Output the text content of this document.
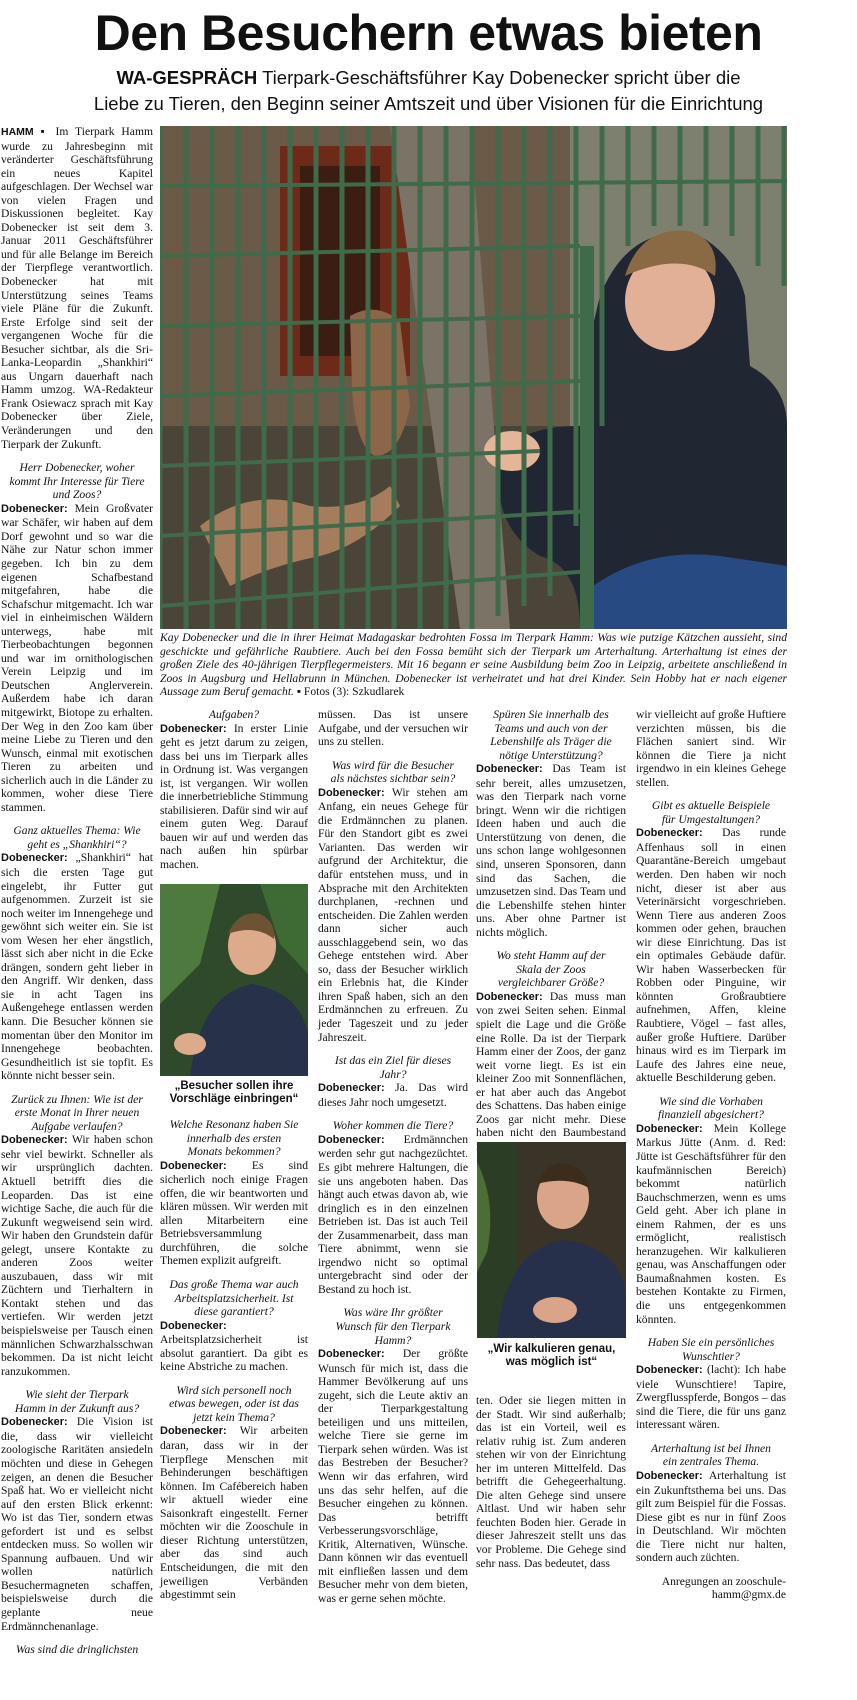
Den Besuchern etwas bieten
WA-GESPRÄCH Tierpark-Geschäftsführer Kay Dobenecker spricht über die
Liebe zu Tieren, den Beginn seiner Amtszeit und über Visionen für die Einrichtung
Kay Dobenecker und die in ihrer Heimat Madagaskar bedrohten Fossa im Tierpark Hamm: Was wie putzige Kätzchen aussieht, sind geschickte und gefährliche Raubtiere. Auch bei den Fossa bemüht sich der Tierpark um Arterhaltung. Arterhaltung ist eines der großen Ziele des 40-jährigen Tierpflegermeisters. Mit 16 begann er seine Ausbildung beim Zoo in Leipzig, arbeitete anschließend in Zoos in Augsburg und Hellabrunn in München. Dobenecker ist verheiratet und hat drei Kinder. Sein Hobby hat er nach eigener Aussage zum Beruf gemacht. ▪ Fotos (3): Szkudlarek

HAMM ▪ Im Tierpark Hamm wurde zu Jahresbeginn mit veränderter Geschäftsführung ein neues Kapitel aufgeschlagen. Der Wechsel war von vielen Fragen und Diskussionen begleitet. Kay Dobenecker ist seit dem 3. Januar 2011 Geschäftsführer und für alle Belange im Bereich der Tierpflege verantwortlich. Dobenecker hat mit Unterstützung seines Teams viele Pläne für die Zukunft. Erste Erfolge sind seit der vergangenen Woche für die Besucher sichtbar, als die Sri-Lanka-Leopardin „Shankhiri“ aus Ungarn dauerhaft nach Hamm umzog. WA-Redakteur Frank Osiewacz sprach mit Kay Dobenecker über Ziele, Veränderungen und den Tierpark der Zukunft.

Herr Dobenecker, woher kommt Ihr Interesse für Tiere und Zoos?

Dobenecker: Mein Großvater war Schäfer, wir haben auf dem Dorf gewohnt und so war die Nähe zur Natur schon immer gegeben. Ich bin zu dem eigenen Schafbestand mitgefahren, habe die Schafschur mitgemacht. Ich war viel in einheimischen Wäldern unterwegs, habe mit Tierbeobachtungen begonnen und war im ornithologischen Verein Leipzig und im Deutschen Anglerverein. Außerdem habe ich daran mitgewirkt, Biotope zu erhalten. Der Weg in den Zoo kam über meine Liebe zu Tieren und den Wunsch, einmal mit exotischen Tieren zu arbeiten und sicherlich auch in die Länder zu kommen, woher diese Tiere stammen.

Ganz aktuelles Thema: Wie geht es „Shankhiri“?

Dobenecker: „Shankhiri“ hat sich die ersten Tage gut eingelebt, ihr Futter gut aufgenommen. Zurzeit ist sie noch weiter im Innengehege und gewöhnt sich weiter ein. Sie ist vom Wesen her eher ängstlich, lässt sich aber nicht in die Ecke drängen, sondern geht lieber in den Angriff. Wir denken, dass sie in acht Tagen ins Außengehege entlassen werden kann. Die Besucher können sie momentan über den Monitor im Innengehege beobachten. Gesundheitlich ist sie topfit. Es könnte nicht besser sein.

Zurück zu Ihnen: Wie ist der erste Monat in Ihrer neuen Aufgabe verlaufen?

Dobenecker: Wir haben schon sehr viel bewirkt. Schneller als wir ursprünglich dachten. Aktuell betrifft dies die Leoparden. Das ist eine wichtige Sache, die auch für die Zukunft wegweisend sein wird. Wir haben den Grundstein dafür gelegt, unsere Kontakte zu anderen Zoos weiter auszubauen, dass wir mit Züchtern und Tierhaltern in Kontakt stehen und das vertiefen. Wir werden jetzt beispielsweise per Tausch einen männlichen Schwarzhalsschwan bekommen. Da ist nicht leicht ranzukommen.

Wie sieht der Tierpark Hamm in der Zukunft aus?

Dobenecker: Die Vision ist die, dass wir vielleicht zoologische Raritäten ansiedeln möchten und diese in Gehegen zeigen, an denen die Besucher Spaß hat. Wo er vielleicht nicht auf den ersten Blick erkennt: Wo ist das Tier, sondern etwas gefordert ist und es selbst entdecken muss. So wollen wir Spannung aufbauen. Und wir wollen natürlich Besuchermagneten schaffen, beispielsweise durch die geplante neue Erdmännchenanlage.

Was sind die dringlichsten

Aufgaben?

Dobenecker: In erster Linie geht es jetzt darum zu zeigen, dass bei uns im Tierpark alles in Ordnung ist. Was vergangen ist, ist vergangen. Wir wollen die innerbetriebliche Stimmung stabilisieren. Dafür sind wir auf einem guten Weg. Darauf bauen wir auf und werden das nach außen hin spürbar machen.

„Besucher sollen ihre Vorschläge einbringen“

Welche Resonanz haben Sie innerhalb des ersten Monats bekommen?

Dobenecker: Es sind sicherlich noch einige Fragen offen, die wir beantworten und klären müssen. Wir werden mit allen Mitarbeitern eine Betriebsversammlung durchführen, die solche Themen explizit aufgreift.

Das große Thema war auch Arbeitsplatzsicherheit. Ist diese garantiert?

Dobenecker: Arbeitsplatzsicherheit ist absolut garantiert. Da gibt es keine Abstriche zu machen.

Wird sich personell noch etwas bewegen, oder ist das jetzt kein Thema?

Dobenecker: Wir arbeiten daran, dass wir in der Tierpflege Menschen mit Behinderungen beschäftigen können. Im Cafébereich haben wir aktuell wieder eine Saisonkraft eingestellt. Ferner möchten wir die Zooschule in dieser Richtung unterstützen, aber das sind auch Entscheidungen, die mit den jeweiligen Verbänden abgestimmt sein

müssen. Das ist unsere Aufgabe, und der versuchen wir uns zu stellen.

Was wird für die Besucher als nächstes sichtbar sein?

Dobenecker: Wir stehen am Anfang, ein neues Gehege für die Erdmännchen zu planen. Für den Standort gibt es zwei Varianten. Das werden wir aufgrund der Architektur, die dafür entstehen muss, und in Absprache mit den Architekten durchplanen, -rechnen und entscheiden. Die Zahlen werden dann sicher auch ausschlaggebend sein, wo das Gehege entstehen wird. Aber so, dass der Besucher wirklich ein Erlebnis hat, die Kinder ihren Spaß haben, sich an den Erdmännchen zu erfreuen. Zu jeder Tageszeit und zu jeder Jahreszeit.

Ist das ein Ziel für dieses Jahr?

Dobenecker: Ja. Das wird dieses Jahr noch umgesetzt.

Woher kommen die Tiere?

Dobenecker: Erdmännchen werden sehr gut nachgezüchtet. Es gibt mehrere Haltungen, die sie uns angeboten haben. Das hängt auch etwas davon ab, wie dringlich es in den einzelnen Betrieben ist. Das ist auch Teil der Zusammenarbeit, dass man Tiere abnimmt, wenn sie irgendwo nicht so optimal untergebracht sind oder der Bestand zu hoch ist.

Was wäre Ihr größter Wunsch für den Tierpark Hamm?

Dobenecker: Der größte Wunsch für mich ist, dass die Hammer Bevölkerung auf uns zugeht, sich die Leute aktiv an der Tierparkgestaltung beteiligen und uns mitteilen, welche Tiere sie gerne im Tierpark sehen würden. Was ist das Bestreben der Besucher? Wenn wir das erfahren, wird uns das sehr helfen, auf die Besucher eingehen zu können. Das betrifft Verbesserungsvorschläge, Kritik, Alternativen, Wünsche. Dann können wir das eventuell mit einfließen lassen und dem Besucher mehr von dem bieten, was er gerne sehen möchte.

Spüren Sie innerhalb des Teams und auch von der Lebenshilfe als Träger die nötige Unterstützung?

Dobenecker: Das Team ist sehr bereit, alles umzusetzen, was den Tierpark nach vorne bringt. Wenn wir die richtigen Ideen haben und auch die Unterstützung von denen, die uns schon lange wohlgesonnen sind, unseren Sponsoren, dann sind das Sachen, die umzusetzen sind. Das Team und die Lebenshilfe stehen hinter uns. Aber ohne Partner ist nichts möglich.

Wo steht Hamm auf der Skala der Zoos vergleichbarer Größe?

Dobenecker: Das muss man von zwei Seiten sehen. Einmal spielt die Lage und die Größe eine Rolle. Da ist der Tierpark Hamm einer der Zoos, der ganz weit vorne liegt. Es ist ein kleiner Zoo mit Sonnenflächen, er hat aber auch das Angebot des Schattens. Das haben einige Zoos gar nicht mehr. Diese haben nicht den Baumbestand

„Wir kalkulieren genau, was möglich ist“

ten. Oder sie liegen mitten in der Stadt. Wir sind außerhalb; das ist ein Vorteil, weil es relativ ruhig ist. Zum anderen stehen wir von der Einrichtung her im unteren Mittelfeld. Das betrifft die Gehegeerhaltung. Die alten Gehege sind unsere Altlast. Und wir haben sehr feuchten Boden hier. Gerade in dieser Jahreszeit stellt uns das vor Probleme. Die Gehege sind sehr nass. Das bedeutet, dass

wir vielleicht auf große Huftiere verzichten müssen, bis die Flächen saniert sind. Wir können die Tiere ja nicht irgendwo in ein kleines Gehege stellen.

Gibt es aktuelle Beispiele für Umgestaltungen?

Dobenecker: Das runde Affenhaus soll in einen Quarantäne-Bereich umgebaut werden. Den haben wir noch nicht, dieser ist aber aus Veterinärsicht vorgeschrieben. Wenn Tiere aus anderen Zoos kommen oder gehen, brauchen wir diese Einrichtung. Das ist ein optimales Gebäude dafür. Wir haben Wasserbecken für Robben oder Pinguine, wir könnten Großraubtiere aufnehmen, Affen, kleine Raubtiere, Vögel – fast alles, außer große Huftiere. Darüber hinaus wird es im Tierpark im Laufe des Jahres eine neue, aktuelle Beschilderung geben.

Wie sind die Vorhaben finanziell abgesichert?

Dobenecker: Mein Kollege Markus Jütte (Anm. d. Red: Jütte ist Geschäftsführer für den kaufmännischen Bereich) bekommt natürlich Bauchschmerzen, wenn es ums Geld geht. Aber ich plane in einem Rahmen, der es uns ermöglicht, realistisch heranzugehen. Wir kalkulieren genau, was Anschaffungen oder Baumaßnahmen kosten. Es bestehen Kontakte zu Firmen, die uns entgegenkommen könnten.

Haben Sie ein persönliches Wunschtier?

Dobenecker: (lacht): Ich habe viele Wunschtiere! Tapire, Zwergflusspferde, Bongos – das sind die Tiere, die für uns ganz interessant wären.

Arterhaltung ist bei Ihnen ein zentrales Thema.

Dobenecker: Arterhaltung ist ein Zukunftsthema bei uns. Das gilt zum Beispiel für die Fossas. Diese gibt es nur in fünf Zoos in Deutschland. Wir möchten die Tiere nicht nur halten, sondern auch züchten.

Anregungen an zooschule-hamm@gmx.de
